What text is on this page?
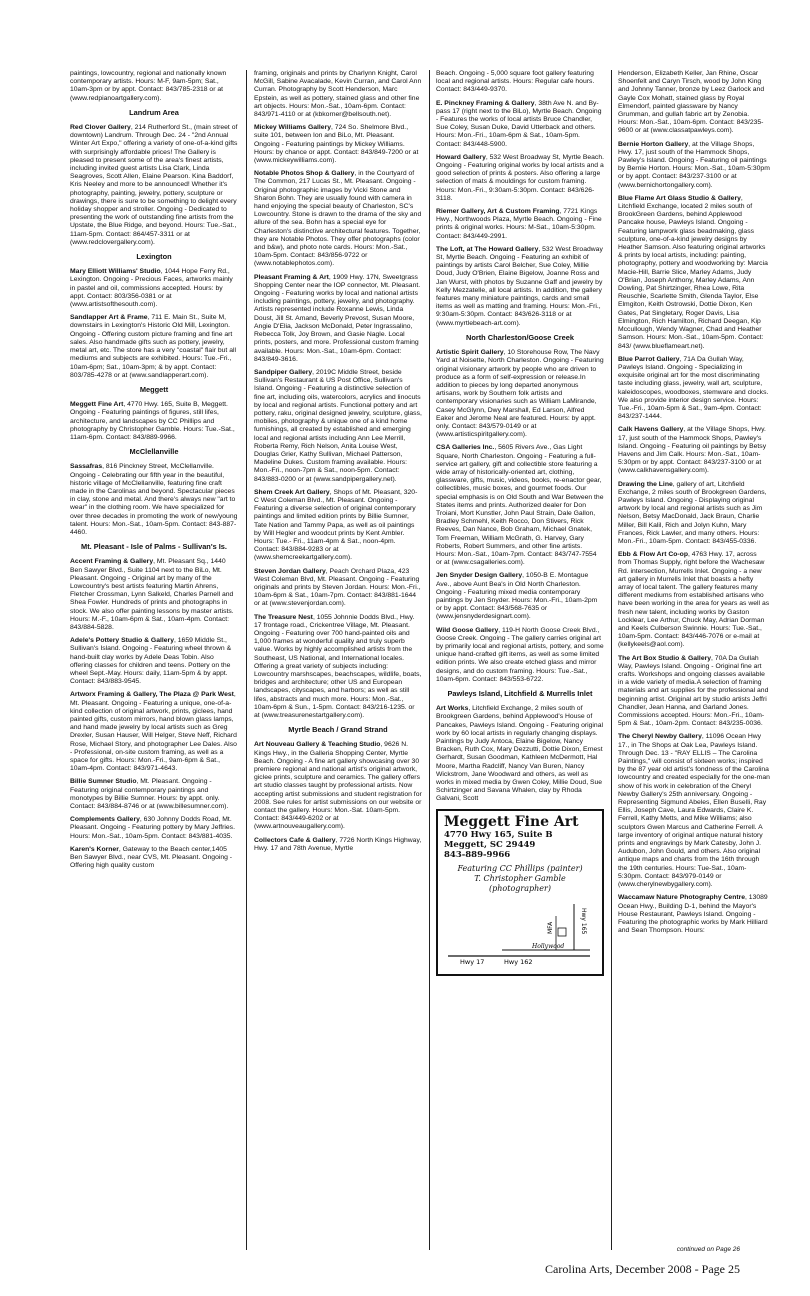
paintings, lowcountry, regional and nationally known contemporary artists. Hours: M-F, 9am-5pm; Sat., 10am-3pm or by appt. Contact: 843/785-2318 or at (www.redpianoartgallery.com).

Landrum Area

Red Clover Gallery, 214 Rutherford St., (main street of downtown) Landrum. Through Dec. 24 - "2nd Annual Winter Art Expo," offering a variety of one-of-a-kind gifts with surprisingly affordable prices! The Gallery is pleased to present some of the area's finest artists, including invited guest artists Lisa Clark, Linda Seagroves, Scott Allen, Elaine Pearson. Kina Baddorf, Kris Neeley and more to be announced! Whether it's photography, painting, jewelry, pottery, sculpture or drawings, there is sure to be something to delight every holiday shopper and stroller. Ongoing - Dedicated to presenting the work of outstanding fine artists from the Upstate, the Blue Ridge, and beyond. Hours: Tue.-Sat., 11am-5pm. Contact: 864/457-3311 or at (www.redclovergallery.com).

Lexington

Mary Elliott Williams' Studio, 1044 Hope Ferry Rd., Lexington. Ongoing - Precious Faces, artworks mainly in pastel and oil, commissions accepted. Hours: by appt. Contact: 803/356-0381 or at (www.artistsofthesouth.com).

Sandlapper Art & Frame, 711 E. Main St., Suite M, downstairs in Lexington's Historic Old Mill, Lexington. Ongoing - Offering custom picture framing and fine art sales. Also handmade gifts such as pottery, jewelry, metal art, etc. The store has a very "coastal" flair but all mediums and subjects are exhibited. Hours: Tue.-Fri., 10am-6pm; Sat., 10am-3pm; & by appt. Contact: 803/785-4278 or at (www.sandlapperart.com).

Meggett

Meggett Fine Art, 4770 Hwy. 165, Suite B, Meggett. Ongoing - Featuring paintings of figures, still lifes, architecture, and landscapes by CC Phillips and photography by Christopher Gamble. Hours: Tue.-Sat., 11am-6pm. Contact: 843/889-9966.

McClellanville

Sassafras, 816 Pinckney Street, McClellanville. Ongoing - Celebrating our fifth year in the beautiful, historic village of McClellanville, featuring fine craft made in the Carolinas and beyond. Spectacular pieces in clay, stone and metal. And there's always new "art to wear" in the clothing room. We have specialized for over three decades in promoting the work of new/young talent. Hours: Mon.-Sat., 10am-5pm. Contact: 843-887-4460.

Mt. Pleasant - Isle of Palms - Sullivan's Is.

Accent Framing & Gallery, Mt. Pleasant Sq., 1440 Ben Sawyer Blvd., Suite 1104 next to the BiLo, Mt. Pleasant. Ongoing - Original art by many of the Lowcountry's best artists featuring Martin Ahrens, Fletcher Crossman, Lynn Salkeld, Charles Parnell and Shea Fowler. Hundreds of prints and photographs in stock. We also offer painting lessons by master artists. Hours: M.-F., 10am-6pm & Sat., 10am-4pm. Contact: 843/884-5828.

Adele's Pottery Studio & Gallery, 1659 Middle St., Sullivan's Island. Ongoing - Featuring wheel thrown & hand-built clay works by Adele Deas Tobin. Also offering classes for children and teens. Pottery on the wheel Sept.-May. Hours: daily, 11am-5pm & by appt. Contact: 843/883-9545.

Artworx Framing & Gallery, The Plaza @ Park West, Mt. Pleasant. Ongoing - Featuring a unique, one-of-a-kind collection of original artwork, prints, giclees, hand painted gifts, custom mirrors, hand blown glass lamps, and hand made jewelry by local artists such as Greg Drexler, Susan Hauser, Will Helger, Steve Neff, Richard Rose, Michael Story, and photographer Lee Dales. Also - Professional, on-site custom framing, as well as a space for gifts. Hours: Mon.-Fri., 9am-6pm & Sat., 10am-4pm. Contact: 843/971-4643.

Billie Sumner Studio, Mt. Pleasant. Ongoing - Featuring original contemporary paintings and monotypes by Billie Sumner. Hours: by appt. only. Contact: 843/884-8746 or at (www.billesumner.com).

Complements Gallery, 630 Johnny Dodds Road, Mt. Pleasant. Ongoing - Featuring pottery by Mary Jeffries. Hours: Mon.-Sat., 10am-5pm. Contact: 843/881-4035.

Karen's Korner, Gateway to the Beach center,1405 Ben Sawyer Blvd., near CVS, Mt. Pleasant. Ongoing - Offering high quality custom

framing, originals and prints by Charlynn Knight, Carol McGill, Sabine Avacalade, Kevin Curran, and Carol Ann Curran. Photography by Scott Henderson, Marc Epstein, as well as pottery, stained glass and other fine art objects. Hours: Mon.-Sat., 10am-6pm. Contact: 843/971-4110 or at (kbkorner@bellsouth.net).

Mickey Williams Gallery, 724 So. Shelmore Blvd., suite 101, between Ion and BiLo, Mt. Pleasant. Ongoing - Featuring paintings by Mickey Williams. Hours: by chance or appt. Contact: 843/849-7200 or at (www.mickeywilliams.com).

Notable Photos Shop & Gallery, in the Courtyard of The Common, 217 Lucas St., Mt. Pleasant. Ongoing - Original photographic images by Vicki Stone and Sharon Bohn. They are usually found with camera in hand enjoying the special beauty of Charleston, SC's Lowcountry. Stone is drawn to the drama of the sky and allure of the sea. Bohn has a special eye for Charleston's distinctive architectural features. Together, they are Notable Photos. They offer photographs (color and b&w), and photo note cards. Hours: Mon.-Sat., 10am-5pm. Contact: 843/856-9722 or (www.notablephotos.com).

Pleasant Framing & Art, 1909 Hwy. 17N, Sweetgrass Shopping Center near the IOP connector, Mt. Pleasant. Ongoing - Featuring works by local and national artists including paintings, pottery, jewelry, and photography. Artists represented include Roxanne Lewis, Linda Doust, Jill St. Amand, Beverly Prevost, Susan Moore, Angie D'Elia, Jackson McDonald, Peter Ingrassalino, Rebecca Tolk, Joy Brown, and Gasie Nagle. Local prints, posters, and more. Professional custom framing available. Hours: Mon.-Sat., 10am-6pm. Contact: 843/849-3616.

Sandpiper Gallery, 2019C Middle Street, beside Sullivan's Restaurant & US Post Office, Sullivan's Island. Ongoing - Featuring a distinctive selection of fine art, including oils, watercolors, acrylics and linocuts by local and regional artists. Functional pottery and art pottery, raku, original designed jewelry, sculpture, glass, mobiles, photography & unique one of a kind home furnishings, all created by established and emerging local and regional artists including Ann Lee Merrill, Roberta Remy, Rich Nelson, Anita Louise West, Douglas Grier, Kathy Sullivan, Michael Patterson, Madeline Dukes. Custom framing available. Hours: Mon.-Fri., noon-7pm & Sat., noon-5pm. Contact: 843/883-0200 or at (www.sandpipergallery.net).

Shem Creek Art Gallery, Shops of Mt. Pleasant, 320-C West Coleman Blvd., Mt. Pleasant. Ongoing - Featuring a diverse selection of original contemporary paintings and limited edition prints by Billie Sumner, Tate Nation and Tammy Papa, as well as oil paintings by Will Hegler and woodcut prints by Kent Ambler. Hours: Tue.- Fri., 11am-4pm & Sat., noon-4pm. Contact: 843/884-9283 or at (www.shemcreekartgallery.com).

Steven Jordan Gallery, Peach Orchard Plaza, 423 West Coleman Blvd, Mt. Pleasant. Ongoing - Featuring originals and prints by Steven Jordan. Hours: Mon.-Fri., 10am-6pm & Sat., 10am-7pm. Contact: 843/881-1644 or at (www.stevenjordan.com).

The Treasure Nest, 1055 Johnnie Dodds Blvd., Hwy. 17 frontage road., Crickentree Village, Mt. Pleasant. Ongoing - Featuring over 700 hand-painted oils and 1,000 frames at wonderful quality and truly superb value. Works by highly accomplished artists from the Southeast, US National, and International locales. Offering a great variety of subjects including: Lowcountry marshscapes, beachscapes, wildlife, boats, bridges and architecture; other US and European landscapes, cityscapes, and harbors; as well as still lifes, abstracts and much more. Hours: Mon.-Sat., 10am-6pm & Sun., 1-5pm. Contact: 843/216-1235. or at (www.treasurenestartgallery.com).

Myrtle Beach / Grand Strand

Art Nouveau Gallery & Teaching Studio, 9626 N. Kings Hwy., in the Galleria Shopping Center, Myrtle Beach. Ongoing - A fine art gallery showcasing over 30 premiere regional and national artist's original artwork, giclee prints, sculpture and ceramics. The gallery offers art studio classes taught by professional artists. Now accepting artist submissions and student registration for 2008. See rules for artist submissions on our website or contact the gallery. Hours: Mon.-Sat. 10am-5pm. Contact: 843/449-6202 or at (www.artnouveaugallery.com).

Collectors Cafe & Gallery, 7726 North Kings Highway, Hwy. 17 and 78th Avenue, Myrtle

Beach. Ongoing - 5,000 square foot gallery featuring local and regional artists. Hours: Regular cafe hours. Contact: 843/449-9370.

E. Pinckney Framing & Gallery, 38th Ave N. and By-pass 17 (right next to the BiLo), Myrtle Beach. Ongoing - Features the works of local artists Bruce Chandler, Sue Coley, Susan Duke, David Utterback and others. Hours: Mon.-Fri., 10am-6pm & Sat., 10am-5pm. Contact: 843/448-5900.

Howard Gallery, 532 West Broadway St, Myrtle Beach. Ongoing - Featuring original works by local artists and a good selection of prints & posters. Also offering a large selection of mats & mouldings for custom framing. Hours: Mon.-Fri., 9:30am-5:30pm. Contact: 843/626-3118.

Riemer Gallery, Art & Custom Framing, 7721 Kings Hwy., Northwoods Plaza, Myrtle Beach. Ongoing - Fine prints & original works. Hours: M-Sat., 10am-5:30pm. Contact: 843/449-2991.

The Loft, at The Howard Gallery, 532 West Broadway St, Myrtle Beach. Ongoing - Featuring an exhibit of paintings by artists Carol Belcher, Sue Coley, Millie Doud, Judy O'Brien, Elaine Bigelow, Joanne Ross and Jan Wurst, with photos by Suzanne Gaff and jewelry by Kelly Mezzatelle, all local artists. In addition, the gallery features many miniature paintings, cards and small items as well as matting and framing. Hours: Mon.-Fri., 9:30am-5:30pm. Contact: 843/626-3118 or at (www.myrtlebeach-art.com).

North Charleston/Goose Creek

Artistic Spirit Gallery, 10 Storehouse Row, The Navy Yard at Noisette, North Charleston. Ongoing - Featuring original visionary artwork by people who are driven to produce as a form of self-expression or release.In addition to pieces by long departed anonymous artisans, work by Southern folk artists and contemporary visionaries such as William LaMirande, Casey McGlynn, Dwy Marshall, Ed Larson, Alfred Eaker and Jerome Neal are featured. Hours: by appt. only. Contact: 843/579-0149 or at (www.artisticspiritgallery.com).

CSA Galleries Inc., 5605 Rivers Ave., Gas Light Square, North Charleston. Ongoing - Featuring a full-service art gallery, gift and collectible store featuring a wide array of historically-oriented art, clothing, glassware, gifts, music, videos, books, re-enactor gear, collectibles, music boxes, and gourmet foods. Our special emphasis is on Old South and War Between the States items and prints. Authorized dealer for Don Troiani, Mort Kunstler, John Paul Strain, Dale Gallon, Bradley Schmehl, Keith Rocco, Don Stivers, Rick Reeves, Dan Nance, Bob Graham, Michael Gnatek, Tom Freeman, William McGrath, G. Harvey, Gary Roberts, Robert Summers, and other fine artists. Hours: Mon.-Sat., 10am-7pm. Contact: 843/747-7554 or at (www.csagalleries.com).

Jen Snyder Design Gallery, 1050-B E. Montague Ave., above Aunt Bea's in Old North Charleston. Ongoing - Featuring mixed media contemporary paintings by Jen Snyder. Hours: Mon.-Fri., 10am-2pm or by appt. Contact: 843/568-7635 or (www.jensnyderdesignart.com).

Wild Goose Gallery, 119-H North Goose Creek Blvd., Goose Creek. Ongoing - The gallery carries original art by primarily local and regional artists, pottery, and some unique hand-crafted gift items, as well as some limited edition prints. We also create etched glass and mirror designs, and do custom framing. Hours: Tue.-Sat., 10am-6pm. Contact: 843/553-6722.

Pawleys Island, Litchfield & Murrells Inlet

Art Works, Litchfield Exchange, 2 miles south of Brookgreen Gardens, behind Applewood's House of Pancakes, Pawleys Island. Ongoing - Featuring original work by 60 local artists in regularly changing displays. Paintings by Judy Antoca, Elaine Bigelow, Nancy Bracken, Ruth Cox, Mary Dezzutti, Dottie Dixon, Ernest Gerhardt, Susan Goodman, Kathleen McDermott, Hal Moore, Martha Radcliff, Nancy Van Buren, Nancy Wickstrom, Jane Woodward and others, as well as works in mixed media by Gwen Coley, Millie Doud, Sue Schirtzinger and Savana Whalen, clay by Rhoda Galvani, Scott

Meggett Fine Art
4770 Hwy 165, Suite B
Meggett, SC 29449
843-889-9966
Featuring CC Phillips (painter)
T. Christopher Gamble (photographer)
MFA	Hwy 165
Hwy 17	Hwy 162
Hollywood

Henderson, Elizabeth Keller, Jan Rhine, Oscar Shoenfelt and Caryn Tirsch, wood by John King and Johnny Tanner, bronze by Leez Garlock and Gayle Cox Mohatt, stained glass by Royal Elmendorf, painted glassware by Nancy Grumman, and gullah fabric art by Zenobia. Hours: Mon.-Sat., 10am-6pm. Contact: 843/235-9600 or at (www.classatpawleys.com).

Bernie Horton Gallery, at the Village Shops, Hwy. 17, just south of the Hammock Shops, Pawley's Island. Ongoing - Featuring oil paintings by Bernie Horton. Hours: Mon.-Sat., 10am-5:30pm or by appt. Contact: 843/237-3100 or at (www.bernichortongallery.com).

Blue Flame Art Glass Studio & Gallery, Litchfield Exchange, located 2 miles south of BrookGreen Gardens, behind Applewood Pancake house, Pawleys Island. Ongoing - Featuring lampwork glass beadmaking, glass sculpture, one-of-a-kind jewelry designs by Heather Samson. Also featuring original artworks & prints by local artists, including: painting, photography, pottery and woodworking by: Marcia Macie-Hill, Barrie Slice, Marley Adams, Judy O'Brian, Joseph Anthony, Marley Adams, Ann Dowling, Pat Shirtzinger, Rhea Lowe, Rita Reuschle, Scarlette Smith, Glenda Taylor, Else Elmgiton, Keith Ostrowski, Dottie Dixon, Ken Gates, Pat Singletary, Roger Davis, Lisa Elmington, Rich Hamilton, Richard Deegan, Kip Mccullough, Wendy Wagner, Chad and Heather Samson. Hours: Mon.-Sat., 10am-5pm. Contact: 843/ (www.blueflameart.net).

Blue Parrot Gallery, 71A Da Gullah Way, Pawleys Island. Ongoing - Specializing in exquisite original art for the most discriminating taste including glass, jewelry, wall art, sculpture, kaleidoscopes, woodboxes, stemware and clocks. We also provide interior design service. Hours: Tue.-Fri., 10am-5pm & Sat., 9am-4pm. Contact: 843/237-1444.

Calk Havens Gallery, at the Village Shops, Hwy. 17, just south of the Hammock Shops, Pawley's Island. Ongoing - Featuring oil paintings by Betsy Havens and Jim Calk. Hours: Mon.-Sat., 10am-5:30pm or by appt. Contact: 843/237-3100 or at (www.calkhavensgallery.com).

Drawing the Line, gallery of art, Litchfield Exchange, 2 miles south of Brookgreen Gardens, Pawleys Island. Ongoing - Displaying original artwork by local and regional artists such as Jim Nelson, Betsy MacDonald, Jack Braun, Charlie Miller, Bill Kalil, Rich and Jolyn Kuhn, Mary Frances, Rick Lawler, and many others. Hours: Mon.-Fri., 10am-5pm. Contact: 843/455-0336.

Ebb & Flow Art Co-op, 4763 Hwy. 17, across from Thomas Supply, right before the Wachesaw Rd. intersection, Murrells Inlet. Ongoing - a new art gallery in Murrells Inlet that boasts a hefty array of local talent. The gallery features many different mediums from established artisans who have been working in the area for years as well as fresh new talent, including works by Gaston Locklear, Lee Arthur, Chuck May, Adrian Dorman and Keels Culberson Swinnie. Hours: Tue.-Sat., 10am-5pm. Contact: 843/446-7076 or e-mail at (kellykeels@aol.com).

The Art Box Studio & Gallery, 70A Da Gullah Way, Pawleys Island. Ongoing - Original fine art crafts. Workshops and ongoing classes available in a wide variety of media.A selection of framing materials and art supplies for the professional and beginning artist. Original art by studio artists Jeffri Chandler, Jean Hanna, and Garland Jones. Commissions accepted. Hours: Mon.-Fri., 10am-5pm & Sat., 10am-2pm. Contact: 843/235-0036.

The Cheryl Newby Gallery, 11096 Ocean Hwy 17., in The Shops at Oak Lea, Pawleys Island. Through Dec. 13 - "RAY ELLIS – The Carolina Paintings," will consist of sixteen works; inspired by the 87 year old artist's fondness of the Carolina lowcountry and created especially for the one-man show of his work in celebration of the Cheryl Newby Gallery's 25th anniversary. Ongoing - Representing Sigmund Abeles, Ellen Buselli, Ray Ellis, Joseph Cave, Laura Edwards, Claire K. Ferrell, Kathy Metts, and Mike Williams; also sculptors Gwen Marcus and Catherine Ferrell. A large inventory of original antique natural history prints and engravings by Mark Catesby, John J. Audubon, John Gould, and others. Also original antique maps and charts from the 16th through the 19th centuries. Hours: Tue-Sat., 10am-5:30pm. Contact: 843/979-0149 or (www.cherylnewbygallery.com).

Waccamaw Nature Photography Centre, 13089 Ocean Hwy., Building D-1, behind the Mayor's House Restaurant, Pawleys Island. Ongoing - Featuring the photographic works by Mark Hilliard and Sean Thompson. Hours:

continued on Page 26
Carolina Arts, December 2008 - Page 25
